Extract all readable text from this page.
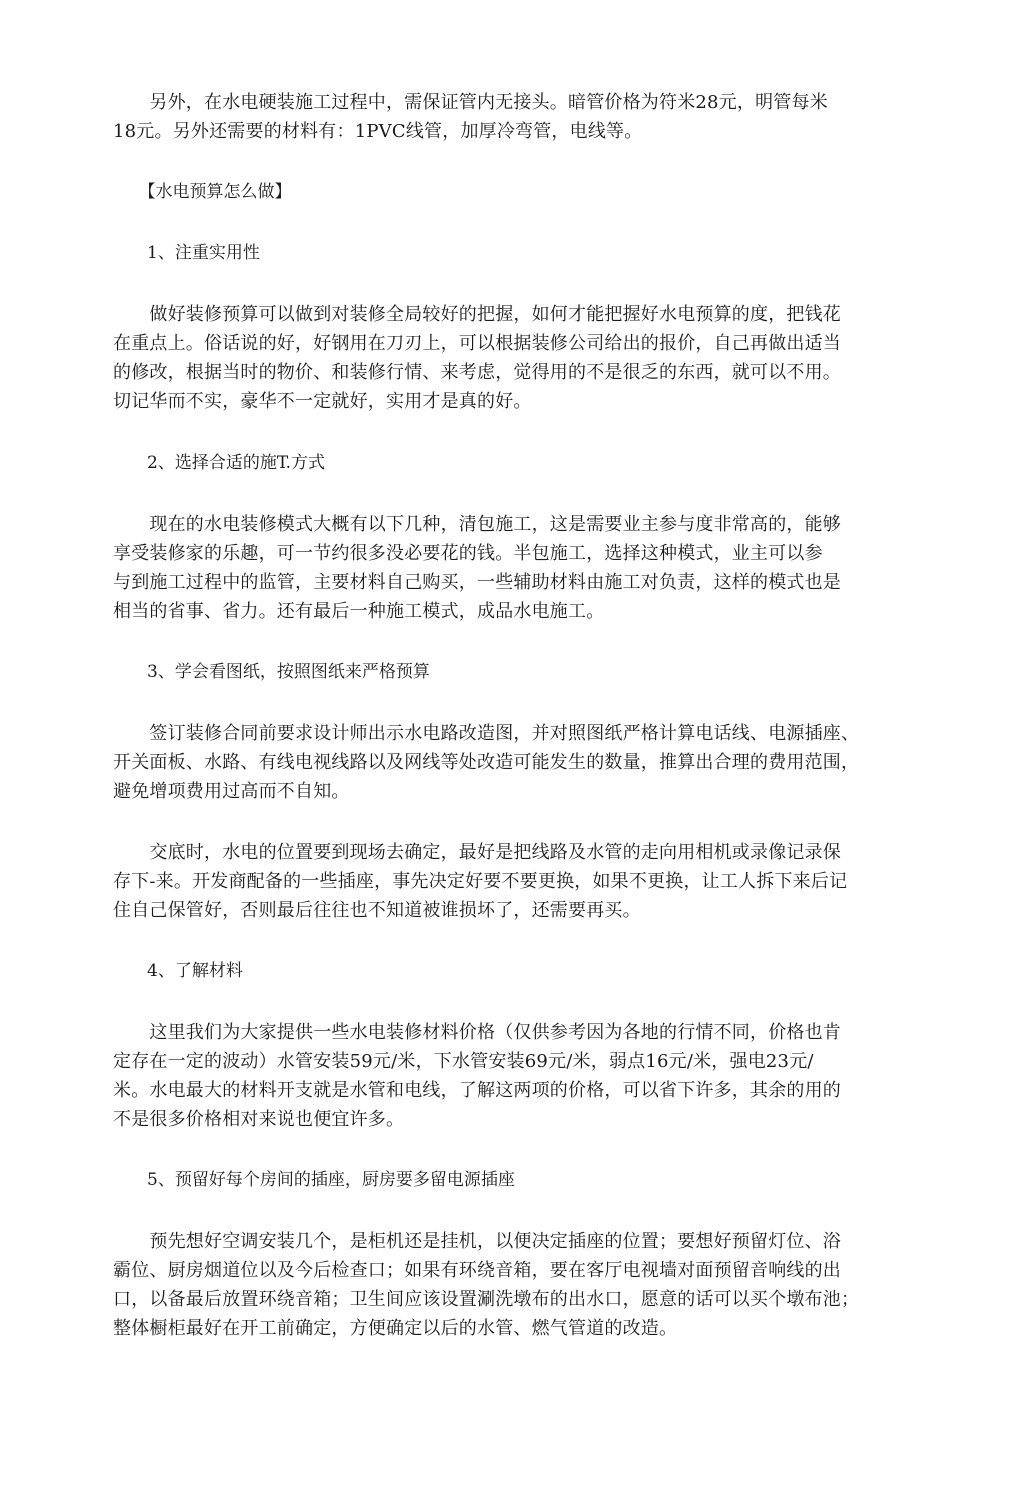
　　另外，在水电硬装施工过程中，需保证管内无接头。暗管价格为符米28元，明管每米
18元。另外还需要的材料有：1PVC线管，加厚冷弯管，电线等。

　　【水电预算怎么做】

　　1、注重实用性

　　做好装修预算可以做到对装修全局较好的把握，如何才能把握好水电预算的度，把钱花
在重点上。俗话说的好，好钢用在刀刃上，可以根据装修公司给出的报价，自己再做出适当
的修改，根据当时的物价、和装修行情、来考虑，觉得用的不是很乏的东西，就可以不用。
切记华而不实，豪华不一定就好，实用才是真的好。

　　2、选择合适的施T.方式

　　现在的水电装修模式大概有以下几种，清包施工，这是需要业主参与度非常高的，能够
享受装修家的乐趣，可一节约很多没必要花的钱。半包施工，选择这种模式，业主可以参
与到施工过程中的监管，主要材料自己购买，一些辅助材料由施工对负责，这样的模式也是
相当的省事、省力。还有最后一种施工模式，成品水电施工。

　　3、学会看图纸，按照图纸来严格预算

　　签订装修合同前要求设计师出示水电路改造图，并对照图纸严格计算电话线、电源插座、
开关面板、水路、有线电视线路以及网线等处改造可能发生的数量，推算出合理的费用范围，
避免增项费用过高而不自知。

　　交底时，水电的位置要到现场去确定，最好是把线路及水管的走向用相机或录像记录保
存下-来。开发商配备的一些插座，事先决定好要不要更换，如果不更换，让工人拆下来后记
住自己保管好，否则最后往往也不知道被谁损坏了，还需要再买。

　　4、了解材料

　　这里我们为大家提供一些水电装修材料价格（仅供参考因为各地的行情不同，价格也肯
定存在一定的波动）水管安装59元/米，下水管安装69元/米，弱点16元/米，强电23元/
米。水电最大的材料开支就是水管和电线，了解这两项的价格，可以省下许多，其余的用的
不是很多价格相对来说也便宜许多。

　　5、预留好每个房间的插座，厨房要多留电源插座

　　预先想好空调安装几个，是柜机还是挂机，以便决定插座的位置；要想好预留灯位、浴
霸位、厨房烟道位以及今后检查口；如果有环绕音箱，要在客厅电视墙对面预留音响线的出
口，以备最后放置环绕音箱；卫生间应该设置涮洗墩布的出水口，愿意的话可以买个墩布池；
整体橱柜最好在开工前确定，方便确定以后的水管、燃气管道的改造。
